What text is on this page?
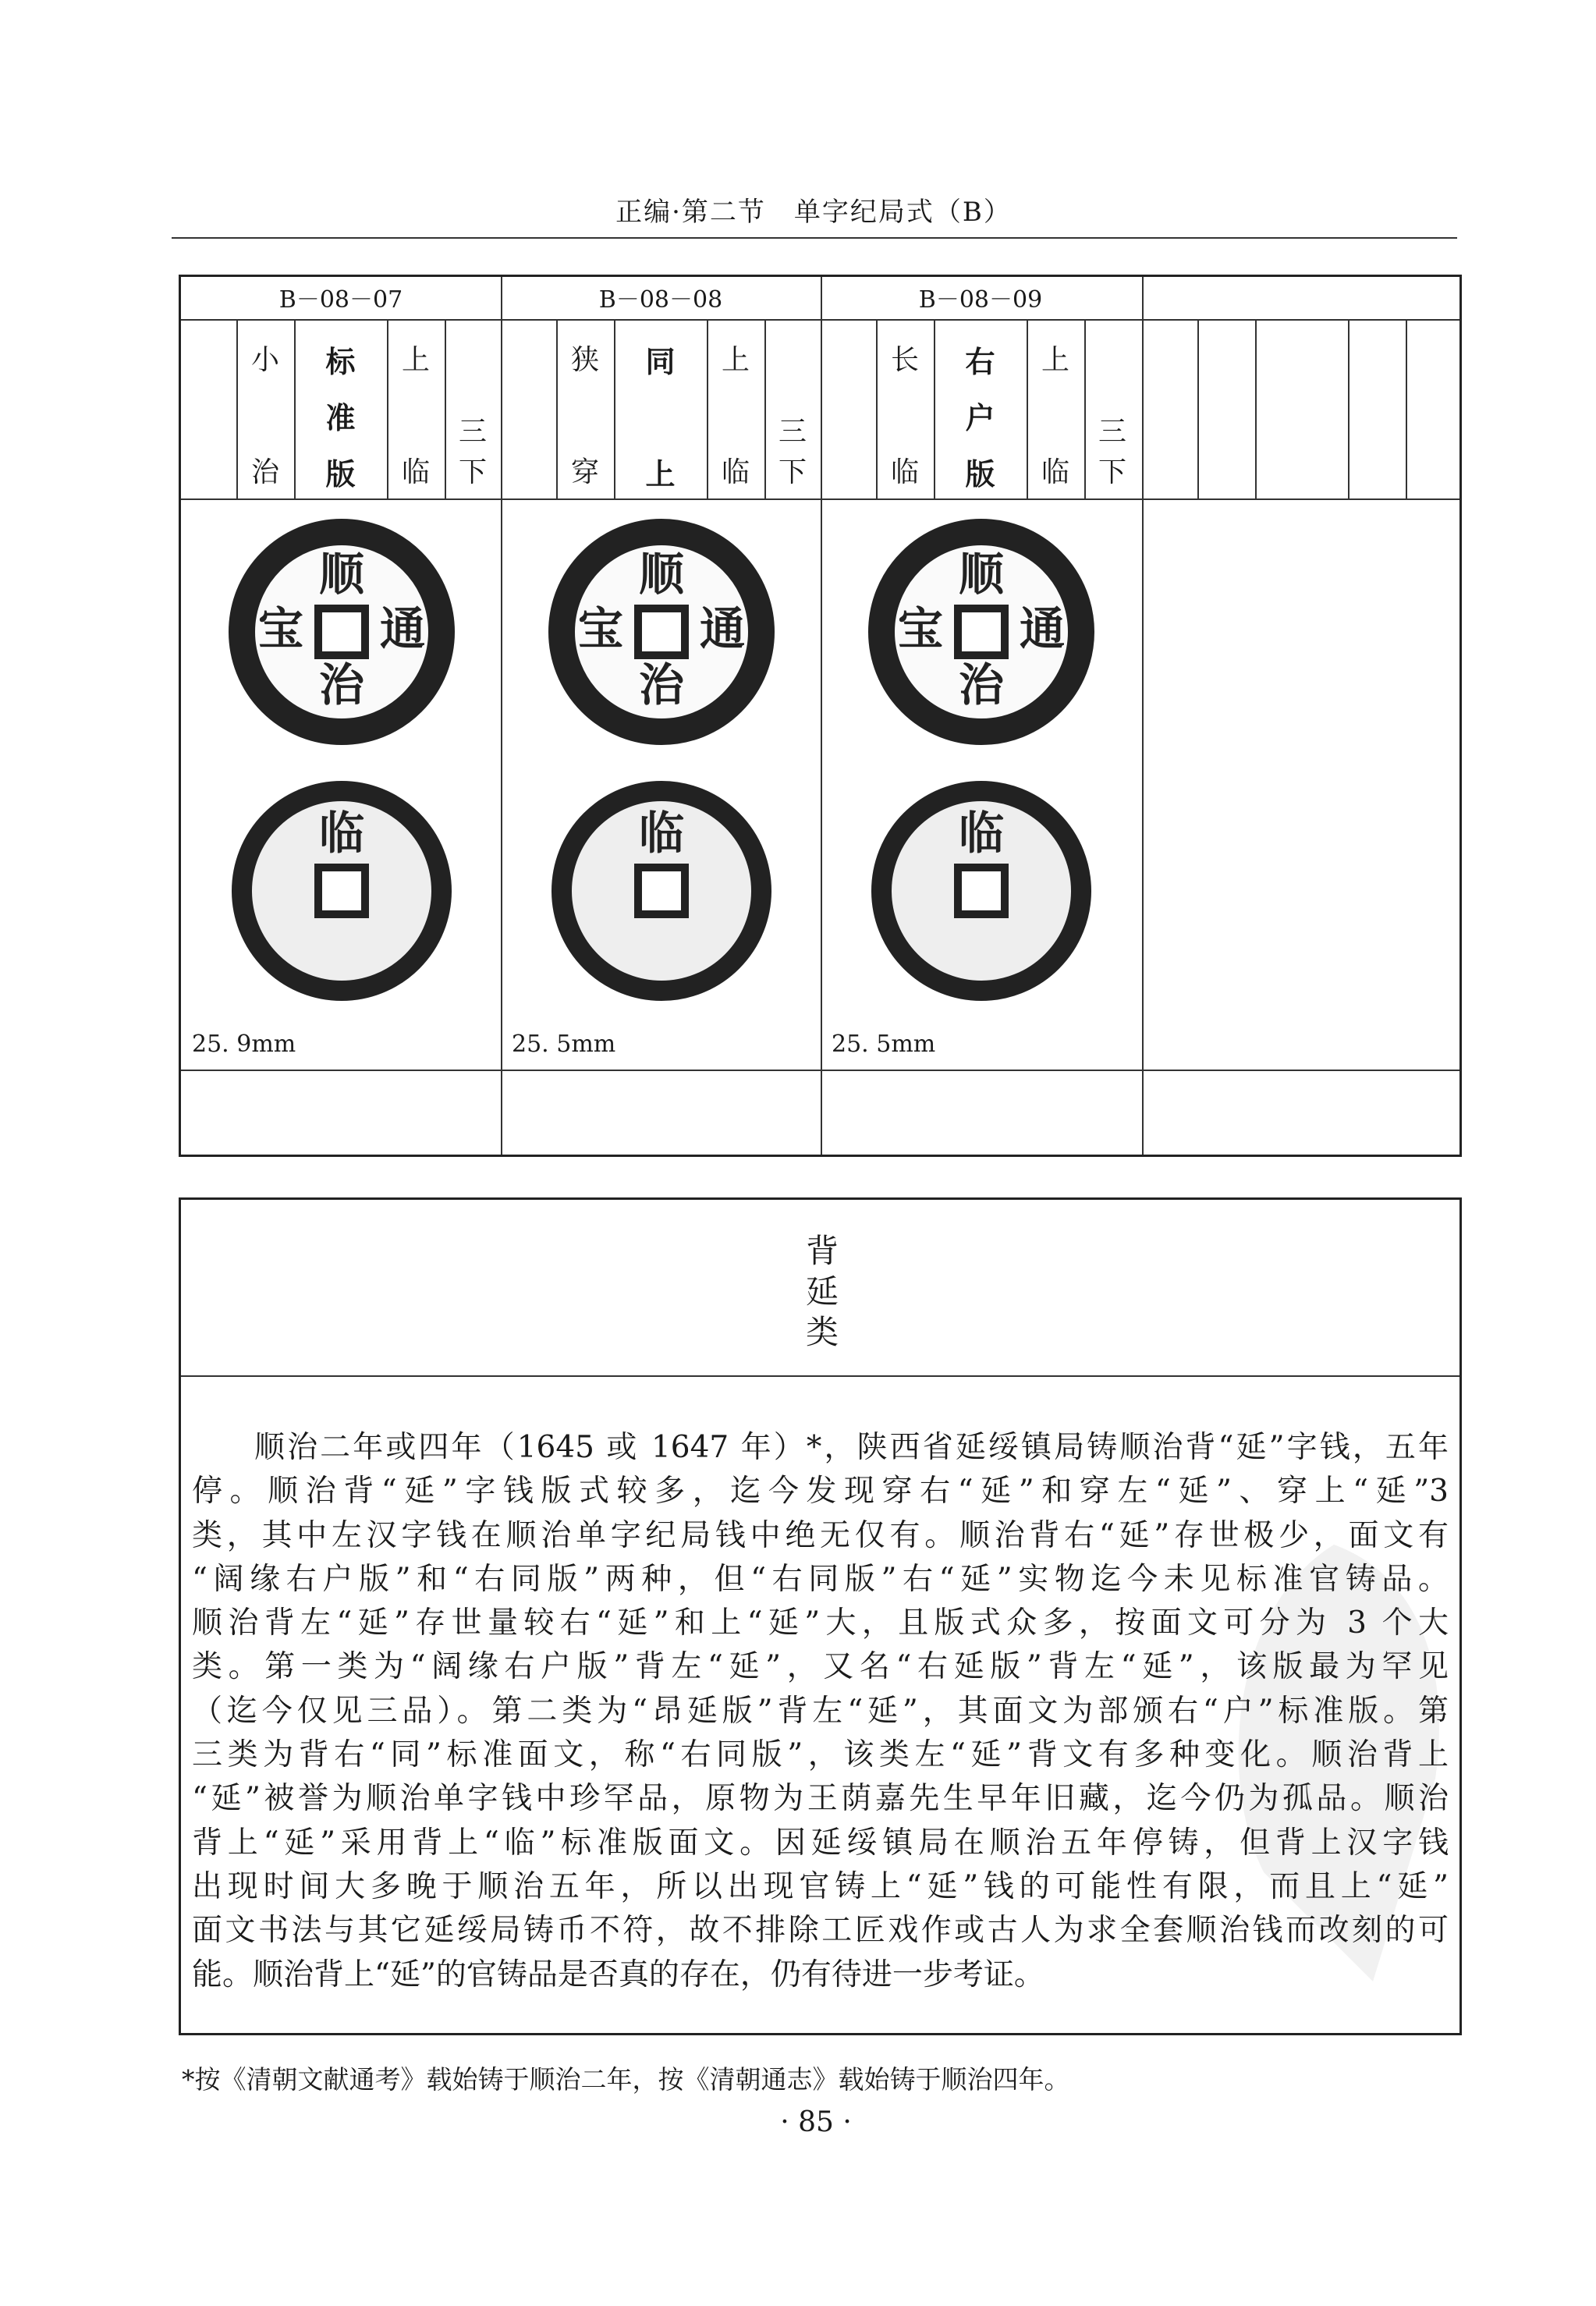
正编·第二节　单字纪局式（B）
B－08－07
小
治
标
准
版
上
临
三
下
25. 9mm
顺
治
通
宝
临
B－08－08
狭
穿
同
上
上
临
三
下
25. 5mm
顺
治
通
宝
临
B－08－09
长
临
右
户
版
上
临
三
下
25. 5mm
顺
治
通
宝
临
背
延
类
顺治二年或四年（1645 或 1647 年）*，陕西省延绥镇局铸顺治背“延”字钱，五年
停。顺治背“延”字钱版式较多，迄今发现穿右“延”和穿左“延”、穿上“延”3
类，其中左汉字钱在顺治单字纪局钱中绝无仅有。顺治背右“延”存世极少，面文有
“阔缘右户版”和“右同版”两种，但“右同版”右“延”实物迄今未见标准官铸品。
顺治背左“延”存世量较右“延”和上“延”大，且版式众多，按面文可分为 3 个大
类。第一类为“阔缘右户版”背左“延”，又名“右延版”背左“延”，该版最为罕见
（迄今仅见三品）。第二类为“昂延版”背左“延”，其面文为部颁右“户”标准版。第
三类为背右“同”标准面文，称“右同版”，该类左“延”背文有多种变化。顺治背上
“延”被誉为顺治单字钱中珍罕品，原物为王荫嘉先生早年旧藏，迄今仍为孤品。顺治
背上“延”采用背上“临”标准版面文。因延绥镇局在顺治五年停铸，但背上汉字钱
出现时间大多晚于顺治五年，所以出现官铸上“延”钱的可能性有限，而且上“延”
面文书法与其它延绥局铸币不符，故不排除工匠戏作或古人为求全套顺治钱而改刻的可
能。顺治背上“延”的官铸品是否真的存在，仍有待进一步考证。
*按《清朝文献通考》载始铸于顺治二年，按《清朝通志》载始铸于顺治四年。
· 85 ·
